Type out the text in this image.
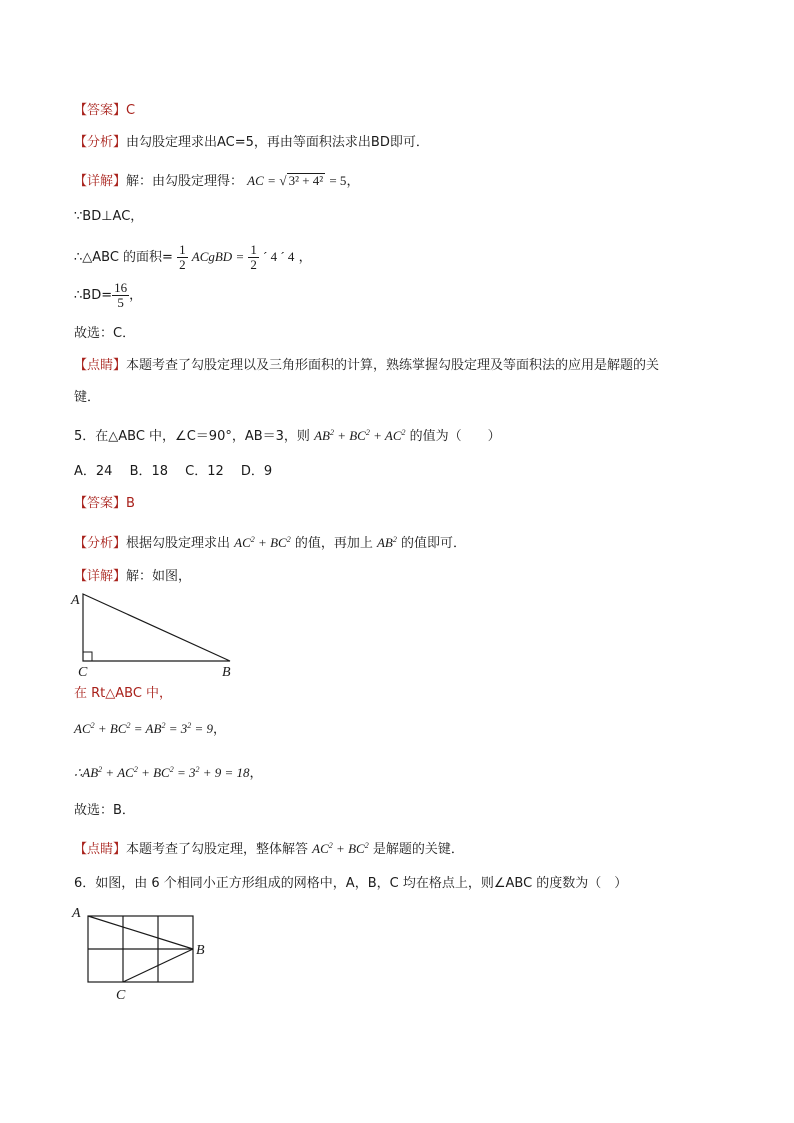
【答案】C
【分析】由勾股定理求出AC=5，再由等面积法求出BD即可．
【详解】解：由勾股定理得： AC = √ 3² + 4² = 5，
∵BD⊥AC，
∴△ABC 的面积= $\frac{1}{2}$ ACgBD = $\frac{1}{2}$ ´ 4 ´ 4 ，
∴BD= $\frac{16}{5}$ ，
故选：C．
【点睛】本题考查了勾股定理以及三角形面积的计算，熟练掌握勾股定理及等面积法的应用是解题的关
键．
5．在△ABC 中，∠C＝90°，AB＝3，则 $AB^2 + BC^2 + AC^2$ 的值为（　　）
A．24　 B．18　 C．12　 D．9
【答案】B
【分析】根据勾股定理求出 $AC^2 + BC^2$ 的值，再加上 $AB^2$ 的值即可．
【详解】解：如图，
A
C	B
在 Rt△ABC 中，
$AC^2 + BC^2 = AB^2 = 3^2 = 9$，
$\therefore AB^2 + AC^2 + BC^2 = 3^2 + 9 = 18$，
故选：B．
【点睛】本题考查了勾股定理，整体解答 $AC^2 + BC^2$ 是解题的关键．
6．如图，由 6 个相同小正方形组成的网格中，A，B，C 均在格点上，则∠ABC 的度数为（　）
A
B
C
